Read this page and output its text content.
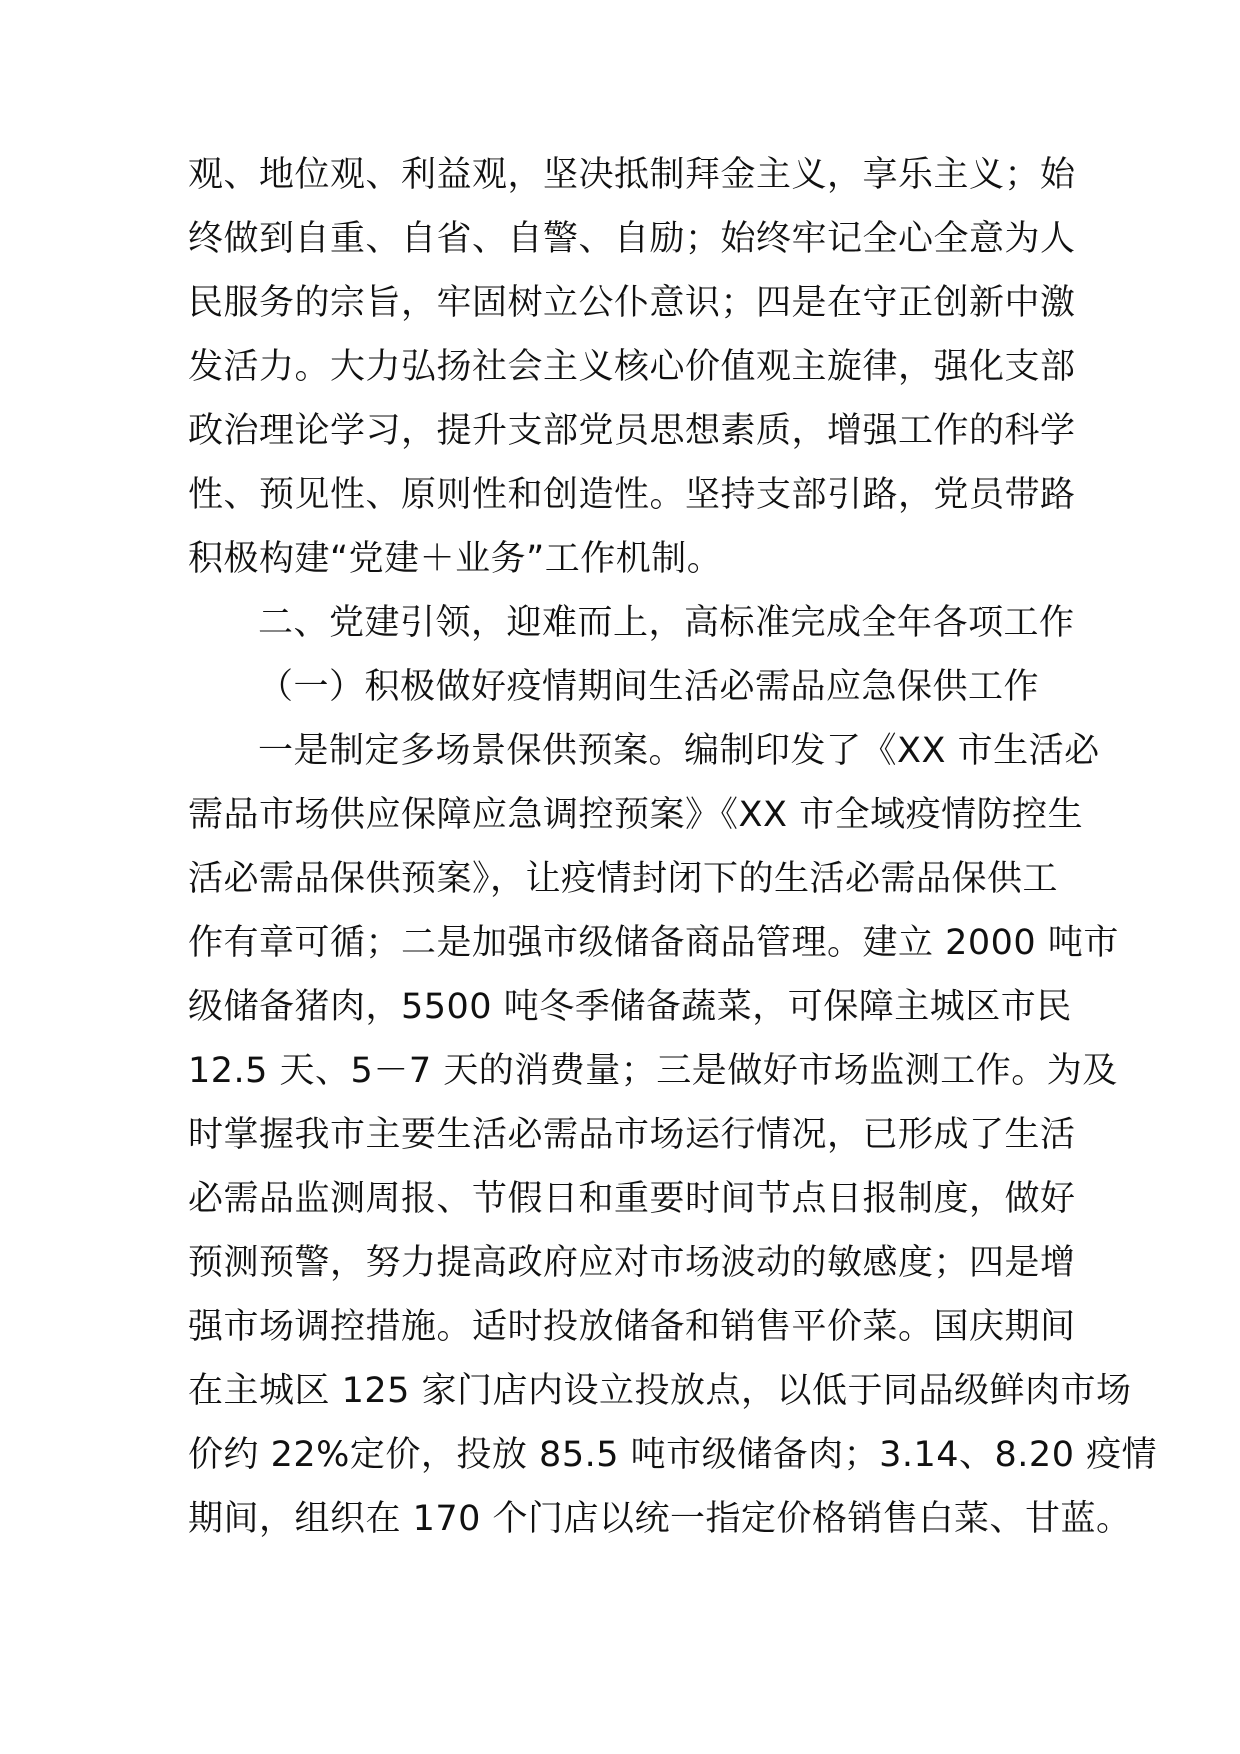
观、地位观、利益观，坚决抵制拜金主义，享乐主义；始
终做到自重、自省、自警、自励；始终牢记全心全意为人
民服务的宗旨，牢固树立公仆意识；四是在守正创新中激
发活力。大力弘扬社会主义核心价值观主旋律，强化支部
政治理论学习，提升支部党员思想素质，增强工作的科学
性、预见性、原则性和创造性。坚持支部引路，党员带路
积极构建“党建＋业务”工作机制。
二、党建引领，迎难而上，高标准完成全年各项工作
（一）积极做好疫情期间生活必需品应急保供工作
一是制定多场景保供预案。编制印发了《XX 市生活必
需品市场供应保障应急调控预案》《XX 市全域疫情防控生
活必需品保供预案》，让疫情封闭下的生活必需品保供工
作有章可循；二是加强市级储备商品管理。建立 2000 吨市
级储备猪肉，5500 吨冬季储备蔬菜，可保障主城区市民
12.5 天、5－7 天的消费量；三是做好市场监测工作。为及
时掌握我市主要生活必需品市场运行情况，已形成了生活
必需品监测周报、节假日和重要时间节点日报制度，做好
预测预警，努力提高政府应对市场波动的敏感度；四是增
强市场调控措施。适时投放储备和销售平价菜。国庆期间
在主城区 125 家门店内设立投放点，以低于同品级鲜肉市场
价约 22%定价，投放 85.5 吨市级储备肉；3.14、8.20 疫情
期间，组织在 170 个门店以统一指定价格销售白菜、甘蓝。
